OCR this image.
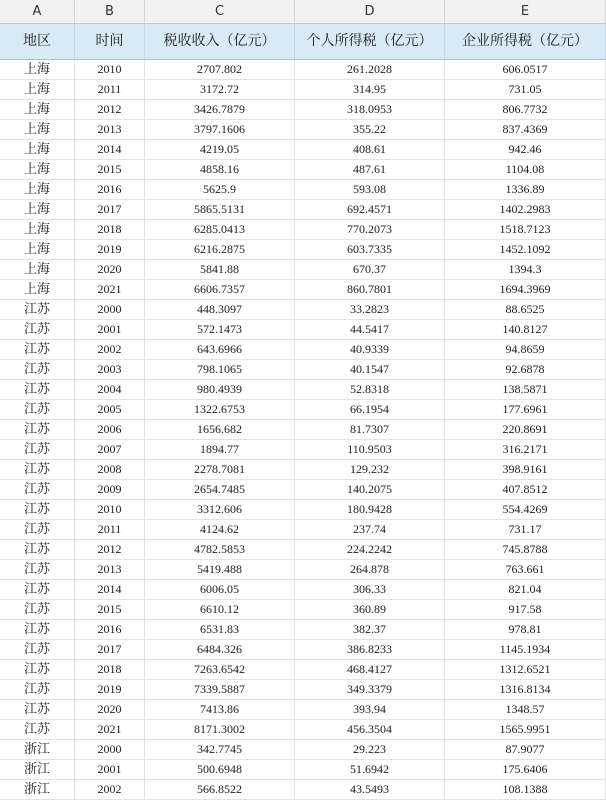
A	B	C	D	E
地区	时间	税收收入（亿元）	个人所得税（亿元）	企业所得税（亿元）
上海	2010	2707.802	261.2028	606.0517
上海	2011	3172.72	314.95	731.05
上海	2012	3426.7879	318.0953	806.7732
上海	2013	3797.1606	355.22	837.4369
上海	2014	4219.05	408.61	942.46
上海	2015	4858.16	487.61	1104.08
上海	2016	5625.9	593.08	1336.89
上海	2017	5865.5131	692.4571	1402.2983
上海	2018	6285.0413	770.2073	1518.7123
上海	2019	6216.2875	603.7335	1452.1092
上海	2020	5841.88	670.37	1394.3
上海	2021	6606.7357	860.7801	1694.3969
江苏	2000	448.3097	33.2823	88.6525
江苏	2001	572.1473	44.5417	140.8127
江苏	2002	643.6966	40.9339	94.8659
江苏	2003	798.1065	40.1547	92.6878
江苏	2004	980.4939	52.8318	138.5871
江苏	2005	1322.6753	66.1954	177.6961
江苏	2006	1656.682	81.7307	220.8691
江苏	2007	1894.77	110.9503	316.2171
江苏	2008	2278.7081	129.232	398.9161
江苏	2009	2654.7485	140.2075	407.8512
江苏	2010	3312.606	180.9428	554.4269
江苏	2011	4124.62	237.74	731.17
江苏	2012	4782.5853	224.2242	745.8788
江苏	2013	5419.488	264.878	763.661
江苏	2014	6006.05	306.33	821.04
江苏	2015	6610.12	360.89	917.58
江苏	2016	6531.83	382.37	978.81
江苏	2017	6484.326	386.8233	1145.1934
江苏	2018	7263.6542	468.4127	1312.6521
江苏	2019	7339.5887	349.3379	1316.8134
江苏	2020	7413.86	393.94	1348.57
江苏	2021	8171.3002	456.3504	1565.9951
浙江	2000	342.7745	29.223	87.9077
浙江	2001	500.6948	51.6942	175.6406
浙江	2002	566.8522	43.5493	108.1388
